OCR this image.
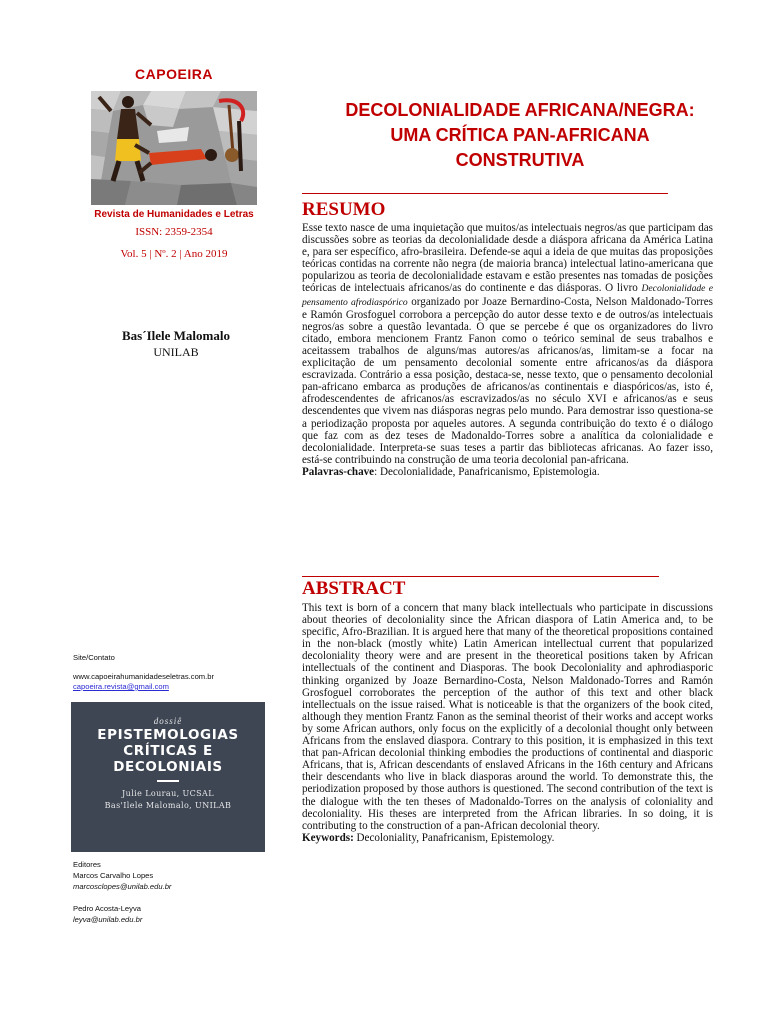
CAPOEIRA
Revista de Humanidades e Letras
ISSN: 2359-2354
Vol. 5 | Nº. 2 | Ano 2019
Bas´Ilele Malomalo
UNILAB
Site/Contato
www.capoeirahumanidadeseletras.com.br
capoeira.revista@gmail.com
dossiê
EPISTEMOLOGIAS
CRÍTICAS E
DECOLONIAIS
Julie Lourau, UCSAL
Bas'Ilele Malomalo, UNILAB
Editores
Marcos Carvalho Lopes
marcosclopes@unilab.edu.br
Pedro Acosta-Leyva
leyva@unilab.edu.br
DECOLONIALIDADE AFRICANA/NEGRA:
UMA CRÍTICA PAN-AFRICANA
CONSTRUTIVA
RESUMO
Esse texto nasce de uma inquietação que muitos/as intelectuais negros/as que participam das discussões sobre as teorias da decolonialidade desde a diáspora africana da América Latina e, para ser específico, afro-brasileira. Defende-se aqui a ideia de que muitas das proposições teóricas contidas na corrente não negra (de maioria branca) intelectual latino-americana que popularizou as teoria de decolonialidade estavam e estão presentes nas tomadas de posições teóricas de intelectuais africanos/as do continente e das diásporas. O livro Decolonialidade e pensamento afrodiaspórico organizado por Joaze Bernardino-Costa, Nelson Maldonado-Torres e Ramón Grosfoguel corrobora a percepção do autor desse texto e de outros/as intelectuais negros/as sobre a questão levantada. O que se percebe é que os organizadores do livro citado, embora mencionem Frantz Fanon como o teórico seminal de seus trabalhos e aceitassem trabalhos de alguns/mas autores/as africanos/as, limitam-se a focar na explicitação de um pensamento decolonial somente entre africanos/as da diáspora escravizada. Contrário a essa posição, destaca-se, nesse texto, que o pensamento decolonial pan-africano embarca as produções de africanos/as continentais e diaspóricos/as, isto é, afrodescendentes de africanos/as escravizados/as no século XVI e africanos/as e seus descendentes que vivem nas diásporas negras pelo mundo. Para demostrar isso questiona-se a periodização proposta por aqueles autores. A segunda contribuição do texto é o diálogo que faz com as dez teses de Madonaldo-Torres sobre a analítica da colonialidade e decolonialidade. Interpreta-se suas teses a partir das bibliotecas africanas. Ao fazer isso, está-se contribuindo na construção de uma teoria decolonial pan-africana.
Palavras-chave: Decolonialidade, Panafricanismo, Epistemologia.
ABSTRACT
This text is born of a concern that many black intellectuals who participate in discussions about theories of decoloniality since the African diaspora of Latin America and, to be specific, Afro-Brazilian. It is argued here that many of the theoretical propositions contained in the non-black (mostly white) Latin American intellectual current that popularized decoloniality theory were and are present in the theoretical positions taken by African intellectuals of the continent and Diasporas. The book Decoloniality and aphrodiasporic thinking organized by Joaze Bernardino-Costa, Nelson Maldonado-Torres and Ramón Grosfoguel corroborates the perception of the author of this text and other black intellectuals on the issue raised. What is noticeable is that the organizers of the book cited, although they mention Frantz Fanon as the seminal theorist of their works and accept works by some African authors, only focus on the explicitly of a decolonial thought only between Africans from the enslaved diaspora. Contrary to this position, it is emphasized in this text that pan-African decolonial thinking embodies the productions of continental and diasporic Africans, that is, African descendants of enslaved Africans in the 16th century and Africans their descendants who live in black diasporas around the world. To demonstrate this, the periodization proposed by those authors is questioned. The second contribution of the text is the dialogue with the ten theses of Madonaldo-Torres on the analysis of coloniality and decoloniality. His theses are interpreted from the African libraries. In so doing, it is contributing to the construction of a pan-African decolonial theory.
Keywords: Decoloniality, Panafricanism, Epistemology.
